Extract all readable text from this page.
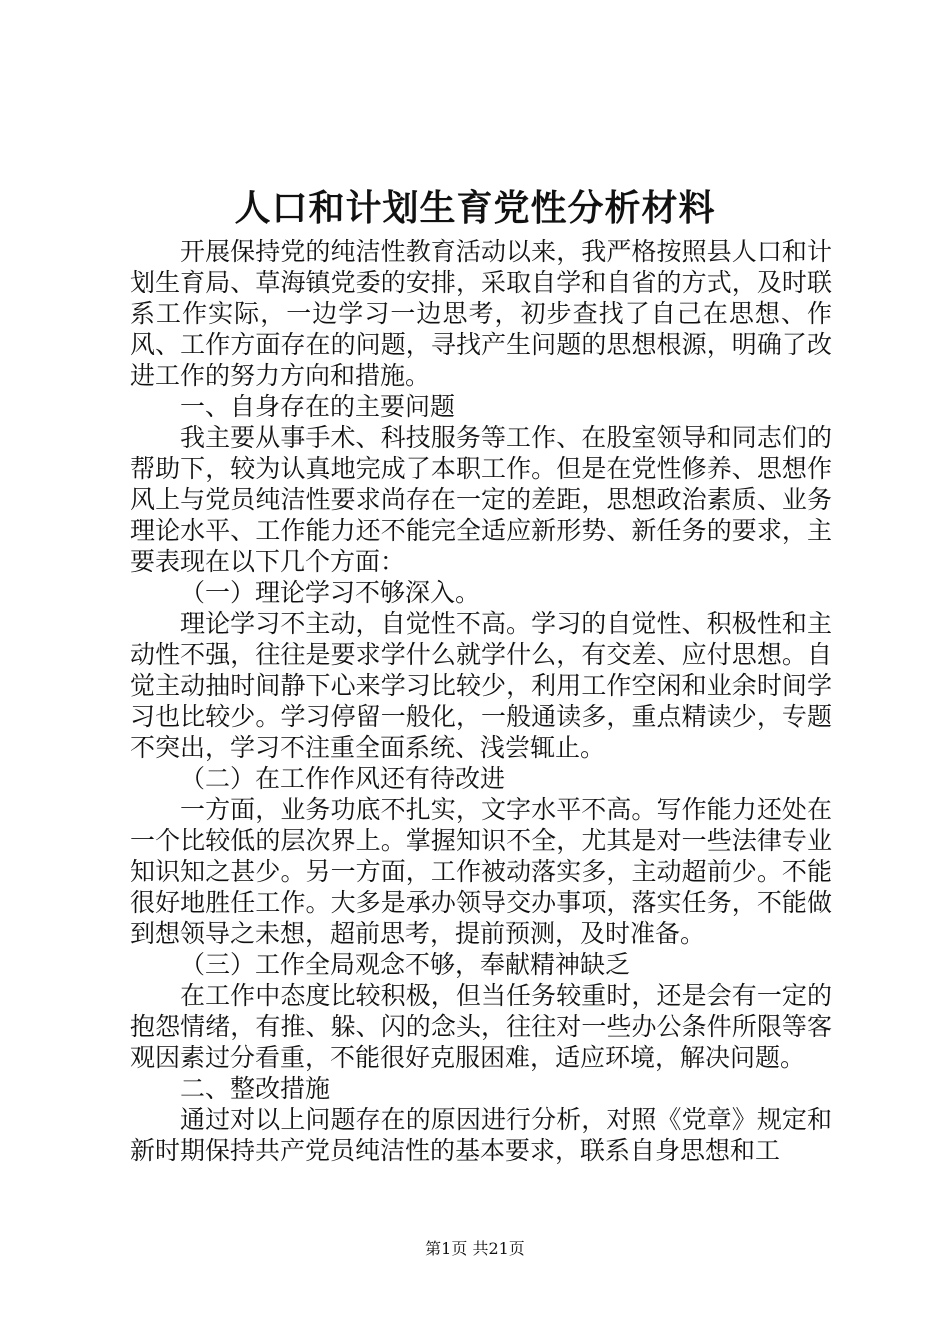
人口和计划生育党性分析材料

开展保持党的纯洁性教育活动以来，我严格按照县人口和计划生育局、草海镇党委的安排，采取自学和自省的方式，及时联系工作实际，一边学习一边思考，初步查找了自己在思想、作风、工作方面存在的问题，寻找产生问题的思想根源，明确了改进工作的努力方向和措施。

一、自身存在的主要问题

我主要从事手术、科技服务等工作、在股室领导和同志们的帮助下，较为认真地完成了本职工作。但是在党性修养、思想作风上与党员纯洁性要求尚存在一定的差距，思想政治素质、业务理论水平、工作能力还不能完全适应新形势、新任务的要求，主要表现在以下几个方面：

（一）理论学习不够深入。

理论学习不主动，自觉性不高。学习的自觉性、积极性和主动性不强，往往是要求学什么就学什么，有交差、应付思想。自觉主动抽时间静下心来学习比较少，利用工作空闲和业余时间学习也比较少。学习停留一般化，一般通读多，重点精读少，专题不突出，学习不注重全面系统、浅尝辄止。

（二）在工作作风还有待改进

一方面，业务功底不扎实，文字水平不高。写作能力还处在一个比较低的层次界上。掌握知识不全，尤其是对一些法律专业知识知之甚少。另一方面，工作被动落实多，主动超前少。不能很好地胜任工作。大多是承办领导交办事项，落实任务，不能做到想领导之未想，超前思考，提前预测，及时准备。

（三）工作全局观念不够，奉献精神缺乏

在工作中态度比较积极，但当任务较重时，还是会有一定的抱怨情绪，有推、躲、闪的念头，往往对一些办公条件所限等客观因素过分看重，不能很好克服困难，适应环境，解决问题。

二、整改措施

通过对以上问题存在的原因进行分析，对照《党章》规定和新时期保持共产党员纯洁性的基本要求，联系自身思想和工

第1页 共21页
